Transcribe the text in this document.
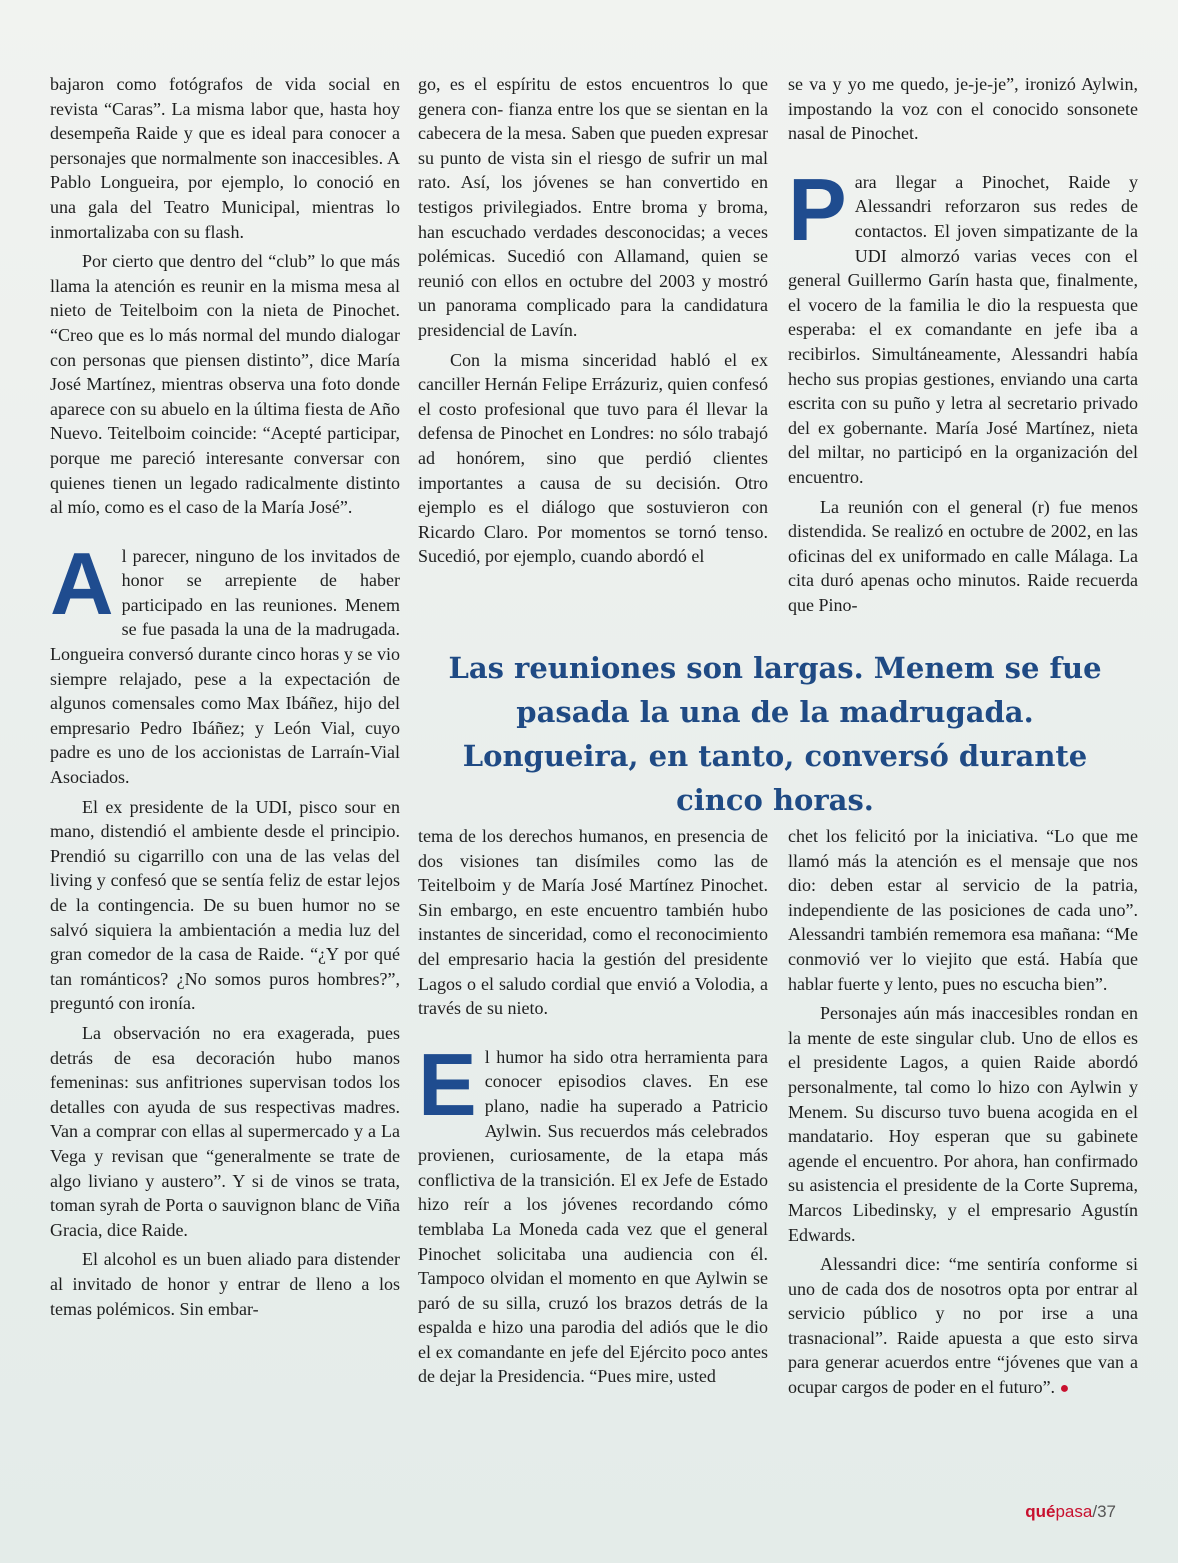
bajaron como fotógrafos de vida social en revista “Caras”. La misma labor que, hasta hoy desempeña Raide y que es ideal para conocer a personajes que normalmente son inaccesibles. A Pablo Longueira, por ejemplo, lo conoció en una gala del Teatro Municipal, mientras lo inmortalizaba con su flash.

Por cierto que dentro del “club” lo que más llama la atención es reunir en la misma mesa al nieto de Teitelboim con la nieta de Pinochet. “Creo que es lo más normal del mundo dialogar con personas que piensen distinto”, dice María José Martínez, mientras observa una foto donde aparece con su abuelo en la última fiesta de Año Nuevo. Teitelboim coincide: “Acepté participar, porque me pareció interesante conversar con quienes tienen un legado radicalmente distinto al mío, como es el caso de la María José”.

Al parecer, ninguno de los invitados de honor se arrepiente de haber participado en las reuniones. Menem se fue pasada la una de la madrugada. Longueira conversó durante cinco horas y se vio siempre relajado, pese a la expectación de algunos comensales como Max Ibáñez, hijo del empresario Pedro Ibáñez; y León Vial, cuyo padre es uno de los accionistas de Larraín-Vial Asociados.

El ex presidente de la UDI, pisco sour en mano, distendió el ambiente desde el principio. Prendió su cigarrillo con una de las velas del living y confesó que se sentía feliz de estar lejos de la contingencia. De su buen humor no se salvó siquiera la ambientación a media luz del gran comedor de la casa de Raide. “¿Y por qué tan románticos? ¿No somos puros hombres?”, preguntó con ironía.

La observación no era exagerada, pues detrás de esa decoración hubo manos femeninas: sus anfitriones supervisan todos los detalles con ayuda de sus respectivas madres. Van a comprar con ellas al supermercado y a La Vega y revisan que “generalmente se trate de algo liviano y austero”. Y si de vinos se trata, toman syrah de Porta o sauvignon blanc de Viña Gracia, dice Raide.

El alcohol es un buen aliado para distender al invitado de honor y entrar de lleno a los temas polémicos. Sin embar-

go, es el espíritu de estos encuentros lo que genera con- fianza entre los que se sientan en la cabecera de la mesa. Saben que pueden expresar su punto de vista sin el riesgo de sufrir un mal rato. Así, los jóvenes se han convertido en testigos privilegiados. Entre broma y broma, han escuchado verdades desconocidas; a veces polémicas. Sucedió con Allamand, quien se reunió con ellos en octubre del 2003 y mostró un panorama complicado para la candidatura presidencial de Lavín.

Con la misma sinceridad habló el ex canciller Hernán Felipe Errázuriz, quien confesó el costo profesional que tuvo para él llevar la defensa de Pinochet en Londres: no sólo trabajó ad honórem, sino que perdió clientes importantes a causa de su decisión. Otro ejemplo es el diálogo que sostuvieron con Ricardo Claro. Por momentos se tornó tenso. Sucedió, por ejemplo, cuando abordó el

se va y yo me quedo, je-je-je”, ironizó Aylwin, impostando la voz con el conocido sonsonete nasal de Pinochet.

Para llegar a Pinochet, Raide y Alessandri reforzaron sus redes de contactos. El joven simpatizante de la UDI almorzó varias veces con el general Guillermo Garín hasta que, finalmente, el vocero de la familia le dio la respuesta que esperaba: el ex comandante en jefe iba a recibirlos. Simultáneamente, Alessandri había hecho sus propias gestiones, enviando una carta escrita con su puño y letra al secretario privado del ex gobernante. María José Martínez, nieta del miltar, no participó en la organización del encuentro.

La reunión con el general (r) fue menos distendida. Se realizó en octubre de 2002, en las oficinas del ex uniformado en calle Málaga. La cita duró apenas ocho minutos. Raide recuerda que Pino-

Las reuniones son largas. Menem se fue
pasada la una de la madrugada.
Longueira, en tanto, conversó durante
cinco horas.

tema de los derechos humanos, en presencia de dos visiones tan disímiles como las de Teitelboim y de María José Martínez Pinochet. Sin embargo, en este encuentro también hubo instantes de sinceridad, como el reconocimiento del empresario hacia la gestión del presidente Lagos o el saludo cordial que envió a Volodia, a través de su nieto.

El humor ha sido otra herramienta para conocer episodios claves. En ese plano, nadie ha superado a Patricio Aylwin. Sus recuerdos más celebrados provienen, curiosamente, de la etapa más conflictiva de la transición. El ex Jefe de Estado hizo reír a los jóvenes recordando cómo temblaba La Moneda cada vez que el general Pinochet solicitaba una audiencia con él. Tampoco olvidan el momento en que Aylwin se paró de su silla, cruzó los brazos detrás de la espalda e hizo una parodia del adiós que le dio el ex comandante en jefe del Ejército poco antes de dejar la Presidencia. “Pues mire, usted

chet los felicitó por la iniciativa. “Lo que me llamó más la atención es el mensaje que nos dio: deben estar al servicio de la patria, independiente de las posiciones de cada uno”. Alessandri también rememora esa mañana: “Me conmovió ver lo viejito que está. Había que hablar fuerte y lento, pues no escucha bien”.

Personajes aún más inaccesibles rondan en la mente de este singular club. Uno de ellos es el presidente Lagos, a quien Raide abordó personalmente, tal como lo hizo con Aylwin y Menem. Su discurso tuvo buena acogida en el mandatario. Hoy esperan que su gabinete agende el encuentro. Por ahora, han confirmado su asistencia el presidente de la Corte Suprema, Marcos Libedinsky, y el empresario Agustín Edwards.

Alessandri dice: “me sentiría conforme si uno de cada dos de nosotros opta por entrar al servicio público y no por irse a una trasnacional”. Raide apuesta a que esto sirva para generar acuerdos entre “jóvenes que van a ocupar cargos de poder en el futuro”. ●

quépasa/37
